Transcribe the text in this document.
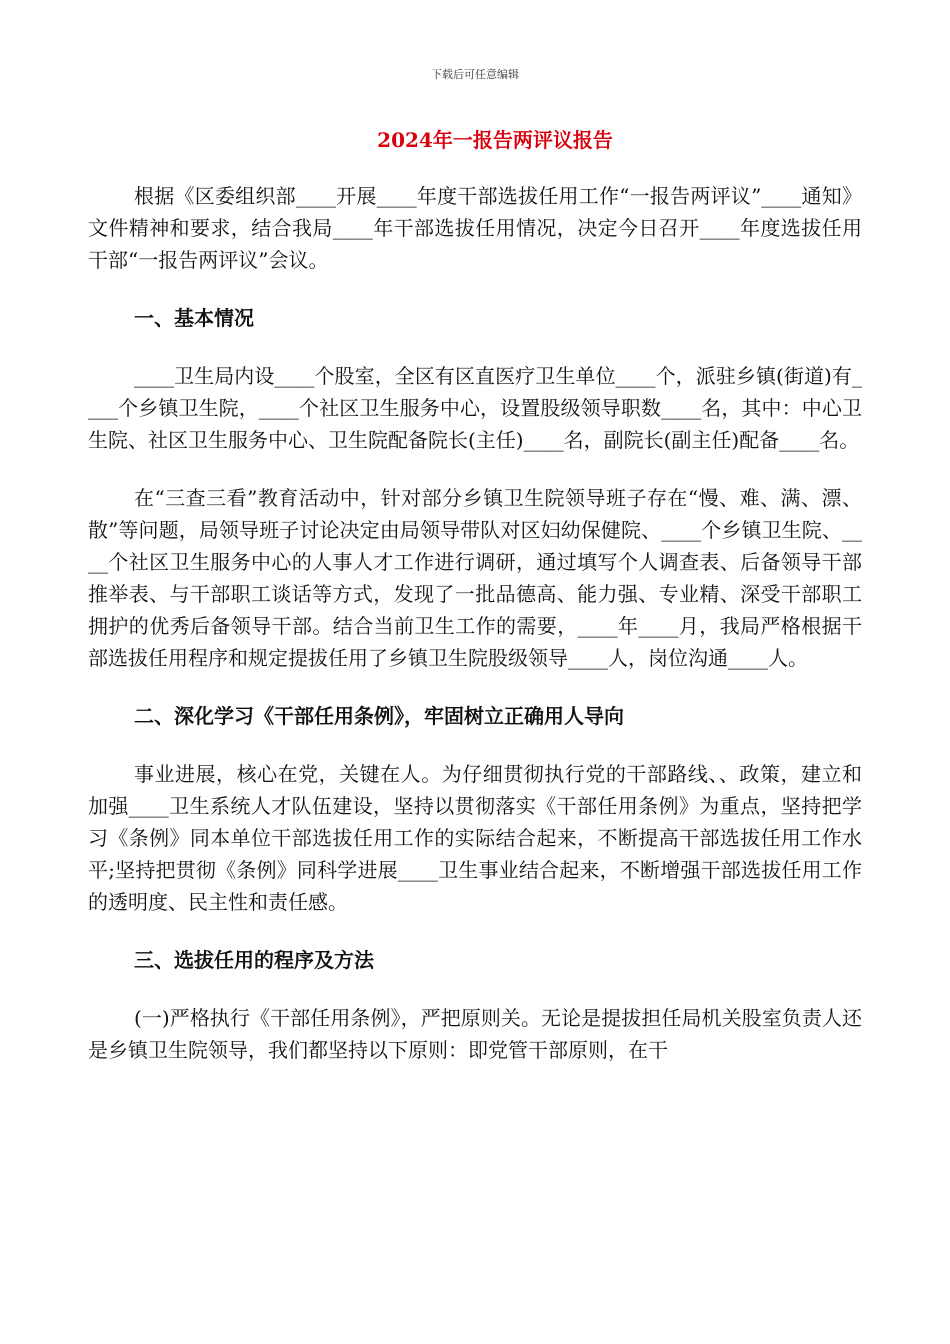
下载后可任意编辑
2024年一报告两评议报告

根据《区委组织部____开展____年度干部选拔任用工作“一报告两评议”____通知》文件精神和要求，结合我局____年干部选拔任用情况，决定今日召开____年度选拔任用干部“一报告两评议”会议。

一、基本情况

____卫生局内设____个股室，全区有区直医疗卫生单位____个，派驻乡镇(街道)有____个乡镇卫生院，____个社区卫生服务中心，设置股级领导职数____名，其中：中心卫生院、社区卫生服务中心、卫生院配备院长(主任)____名，副院长(副主任)配备____名。

在“三查三看”教育活动中，针对部分乡镇卫生院领导班子存在“慢、难、满、漂、散”等问题，局领导班子讨论决定由局领导带队对区妇幼保健院、____个乡镇卫生院、____个社区卫生服务中心的人事人才工作进行调研，通过填写个人调查表、后备领导干部推举表、与干部职工谈话等方式，发现了一批品德高、能力强、专业精、深受干部职工拥护的优秀后备领导干部。结合当前卫生工作的需要，____年____月，我局严格根据干部选拔任用程序和规定提拔任用了乡镇卫生院股级领导____人，岗位沟通____人。

二、深化学习《干部任用条例》，牢固树立正确用人导向

事业进展，核心在党，关键在人。为仔细贯彻执行党的干部路线、、政策，建立和加强____卫生系统人才队伍建设，坚持以贯彻落实《干部任用条例》为重点，坚持把学习《条例》同本单位干部选拔任用工作的实际结合起来，不断提高干部选拔任用工作水平;坚持把贯彻《条例》同科学进展____卫生事业结合起来，不断增强干部选拔任用工作的透明度、民主性和责任感。

三、选拔任用的程序及方法

(一)严格执行《干部任用条例》，严把原则关。无论是提拔担任局机关股室负责人还是乡镇卫生院领导，我们都坚持以下原则：即党管干部原则，在干
